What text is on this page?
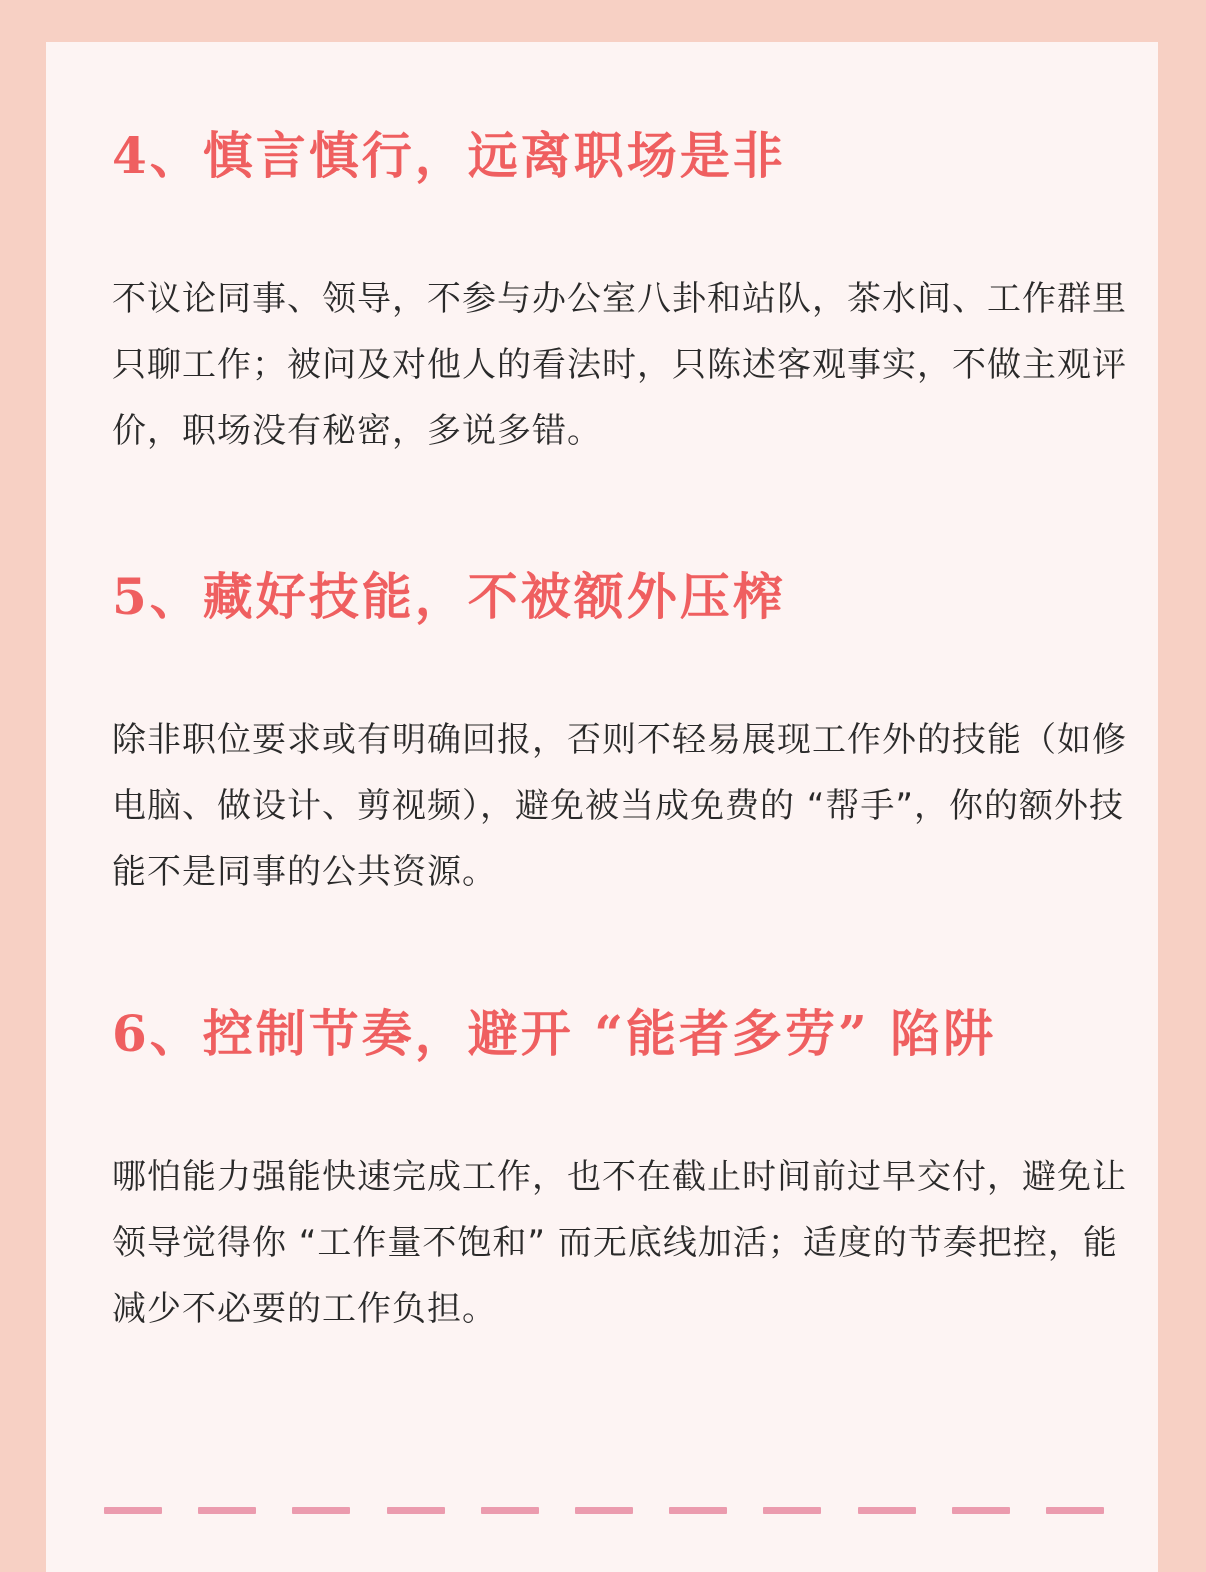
4、慎言慎行，远离职场是非

不议论同事、领导，不参与办公室八卦和站队，茶水间、工作群里只聊工作；被问及对他人的看法时，只陈述客观事实，不做主观评价，职场没有秘密，多说多错。

5、藏好技能，不被额外压榨

除非职位要求或有明确回报，否则不轻易展现工作外的技能（如修电脑、做设计、剪视频），避免被当成免费的 “帮手”，你的额外技能不是同事的公共资源。

6、控制节奏，避开 “能者多劳” 陷阱

哪怕能力强能快速完成工作，也不在截止时间前过早交付，避免让领导觉得你 “工作量不饱和” 而无底线加活；适度的节奏把控，能减少不必要的工作负担。
